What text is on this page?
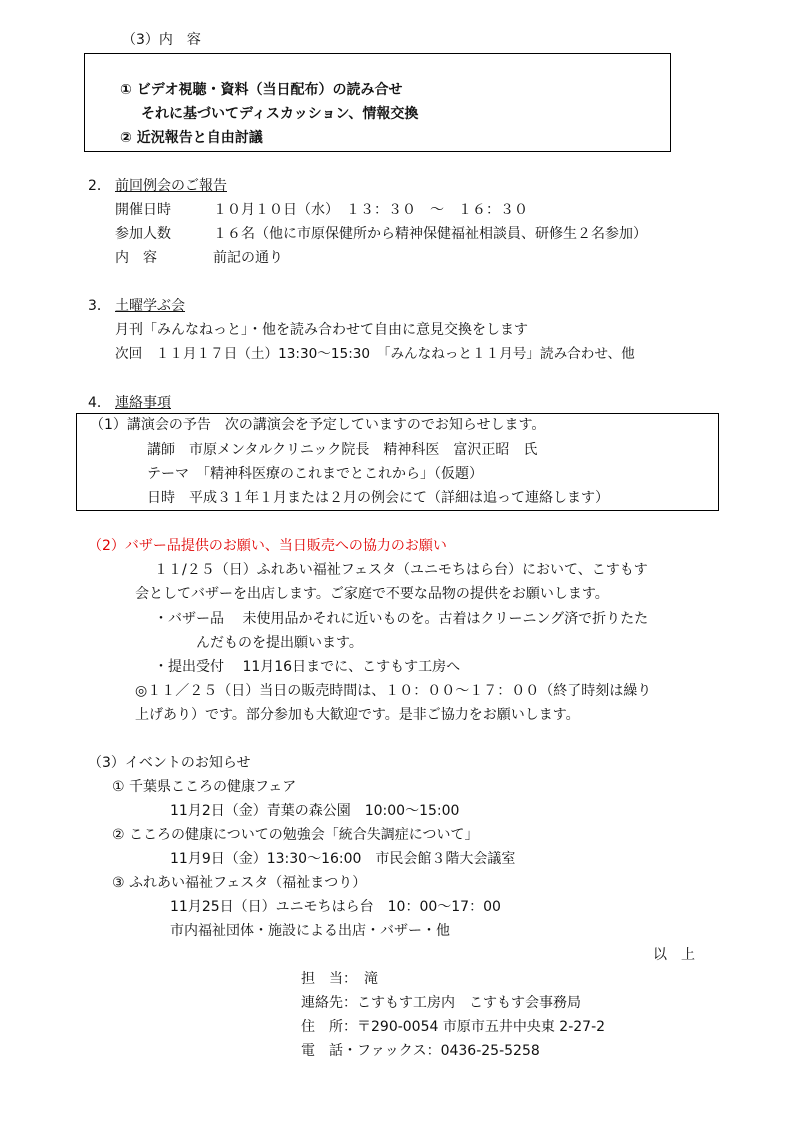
（3）内　容
① ビデオ視聴・資料（当日配布）の読み合せ
それに基づいてディスカッション、情報交換
② 近況報告と自由討議
2． 前回例会のご報告
開催日時	１０月１０日（水）　１３：３０　～　１６：３０
参加人数	１６名（他に市原保健所から精神保健福祉相談員、研修生２名参加）
内　容	前記の通り
3． 土曜学ぶ会
月刊「みんなねっと」・他を読み合わせて自由に意見交換をします
次回　１１月１７日（土）13:30～15:30　「みんなねっと１１月号」読み合わせ、他
4． 連絡事項
（1）講演会の予告　次の講演会を予定していますのでお知らせします。
講師　市原メンタルクリニック院長　精神科医　富沢正昭　氏
テーマ　「精神科医療のこれまでとこれから」（仮題）
日時　平成３１年１月または２月の例会にて（詳細は追って連絡します）
（2）バザー品提供のお願い、当日販売への協力のお願い
１１/２５（日）ふれあい福祉フェスタ（ユニモちはら台）において、こすもす
会としてバザーを出店します。ご家庭で不要な品物の提供をお願いします。
・バザー品　 未使用品かそれに近いものを。古着はクリーニング済で折りたた
んだものを提出願います。
・提出受付　 11月16日までに、こすもす工房へ
◎１１／２５（日）当日の販売時間は、１０：００～１７：００（終了時刻は繰り
上げあり）です。部分参加も大歓迎です。是非ご協力をお願いします。
（3）イベントのお知らせ
① 千葉県こころの健康フェア
11月2日（金）青葉の森公園　10:00～15:00
② こころの健康についての勉強会「統合失調症について」
11月9日（金）13:30～16:00　市民会館３階大会議室
③ ふれあい福祉フェスタ（福祉まつり）
11月25日（日）ユニモちはら台　10：00～17：00
市内福祉団体・施設による出店・バザー・他
以　上
担　当：　滝
連絡先：こすもす工房内　こすもす会事務局
住　所：〒290-0054 市原市五井中央東 2-27-2
電　話・ファックス：0436-25-5258
